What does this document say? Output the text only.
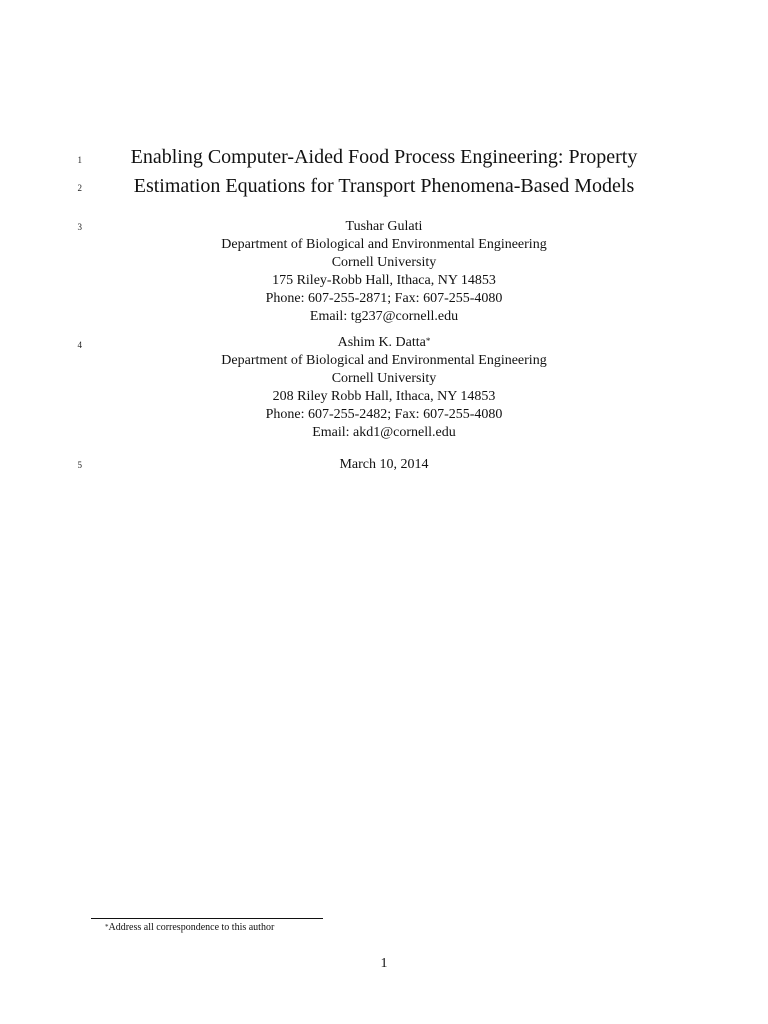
1
2
3
4
5
Enabling Computer-Aided Food Process Engineering: Property
Estimation Equations for Transport Phenomena-Based Models
Tushar Gulati
Department of Biological and Environmental Engineering
Cornell University
175 Riley-Robb Hall, Ithaca, NY 14853
Phone: 607-255-2871; Fax: 607-255-4080
Email: tg237@cornell.edu
Ashim K. Datta*
Department of Biological and Environmental Engineering
Cornell University
208 Riley Robb Hall, Ithaca, NY 14853
Phone: 607-255-2482; Fax: 607-255-4080
Email: akd1@cornell.edu
March 10, 2014
*Address all correspondence to this author
1
